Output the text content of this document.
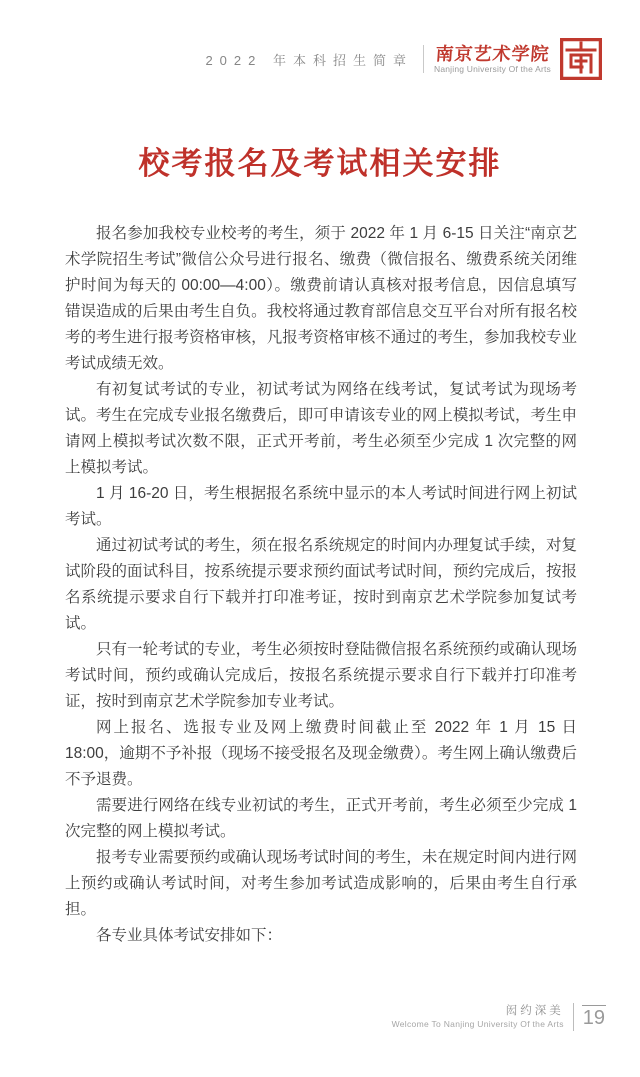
2022 年本科招生简章 南京艺术学院
Nanjing University Of the Arts
校考报名及考试相关安排

报名参加我校专业校考的考生，须于 2022 年 1 月 6-15 日关注“南京艺术学院招生考试”微信公众号进行报名、缴费（微信报名、缴费系统关闭维护时间为每天的 00:00—4:00）。缴费前请认真核对报考信息，因信息填写错误造成的后果由考生自负。我校将通过教育部信息交互平台对所有报名校考的考生进行报考资格审核，凡报考资格审核不通过的考生，参加我校专业考试成绩无效。

有初复试考试的专业，初试考试为网络在线考试，复试考试为现场考试。考生在完成专业报名缴费后，即可申请该专业的网上模拟考试，考生申请网上模拟考试次数不限，正式开考前，考生必须至少完成 1 次完整的网上模拟考试。

1 月 16-20 日，考生根据报名系统中显示的本人考试时间进行网上初试考试。

通过初试考试的考生，须在报名系统规定的时间内办理复试手续，对复试阶段的面试科目，按系统提示要求预约面试考试时间，预约完成后，按报名系统提示要求自行下载并打印准考证，按时到南京艺术学院参加复试考试。

只有一轮考试的专业，考生必须按时登陆微信报名系统预约或确认现场考试时间，预约或确认完成后，按报名系统提示要求自行下载并打印准考证，按时到南京艺术学院参加专业考试。

网上报名、选报专业及网上缴费时间截止至 2022 年 1 月 15 日 18:00，逾期不予补报（现场不接受报名及现金缴费）。考生网上确认缴费后不予退费。

需要进行网络在线专业初试的考生，正式开考前，考生必须至少完成 1 次完整的网上模拟考试。

报考专业需要预约或确认现场考试时间的考生，未在规定时间内进行网上预约或确认考试时间，对考生参加考试造成影响的，后果由考生自行承担。

各专业具体考试安排如下：

闳约深美
Welcome To Nanjing University Of the Arts 19
